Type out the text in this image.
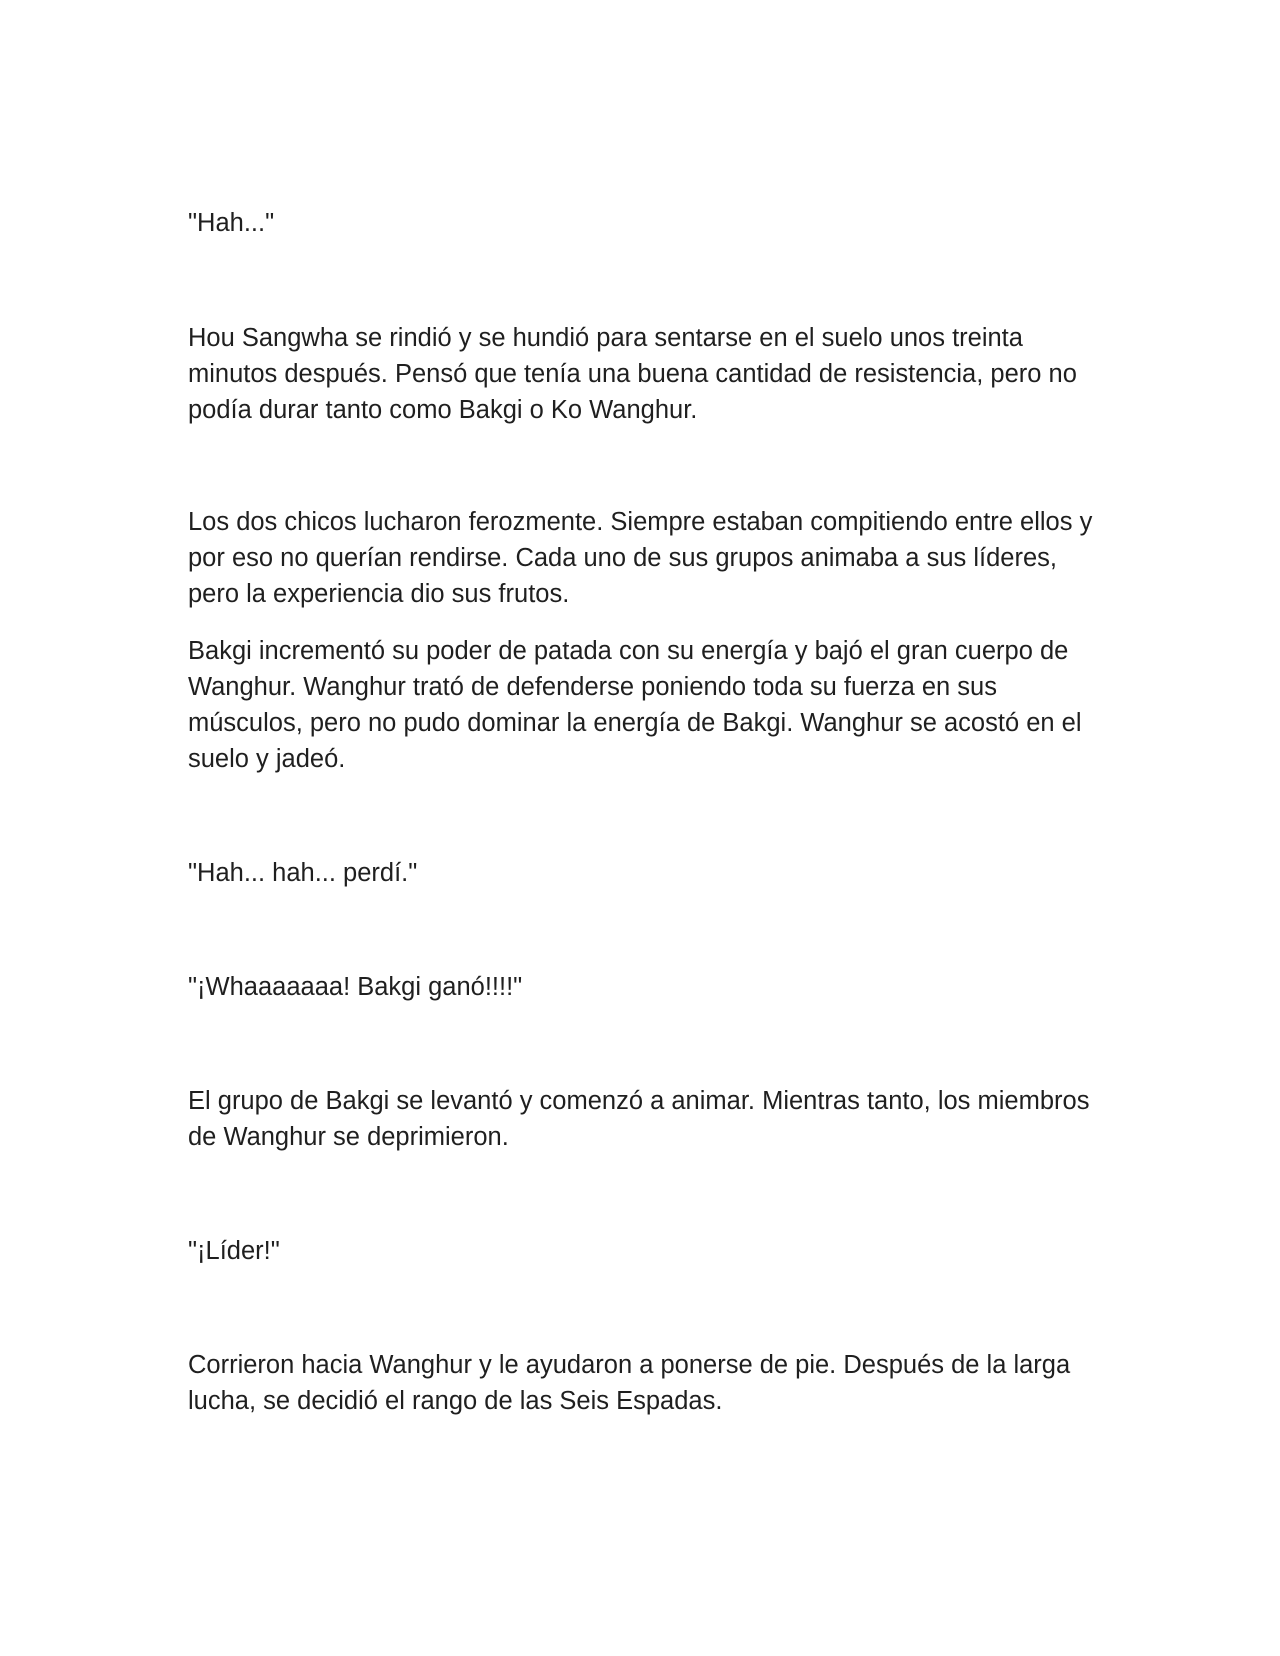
"Hah..."

Hou Sangwha se rindió y se hundió para sentarse en el suelo unos treinta minutos después. Pensó que tenía una buena cantidad de resistencia, pero no podía durar tanto como Bakgi o Ko Wanghur.

Los dos chicos lucharon ferozmente. Siempre estaban compitiendo entre ellos y por eso no querían rendirse. Cada uno de sus grupos animaba a sus líderes, pero la experiencia dio sus frutos.

Bakgi incrementó su poder de patada con su energía y bajó el gran cuerpo de Wanghur. Wanghur trató de defenderse poniendo toda su fuerza en sus músculos, pero no pudo dominar la energía de Bakgi. Wanghur se acostó en el suelo y jadeó.

"Hah... hah... perdí."

"¡Whaaaaaaa! Bakgi ganó!!!!"

El grupo de Bakgi se levantó y comenzó a animar. Mientras tanto, los miembros de Wanghur se deprimieron.

"¡Líder!"

Corrieron hacia Wanghur y le ayudaron a ponerse de pie. Después de la larga lucha, se decidió el rango de las Seis Espadas.
